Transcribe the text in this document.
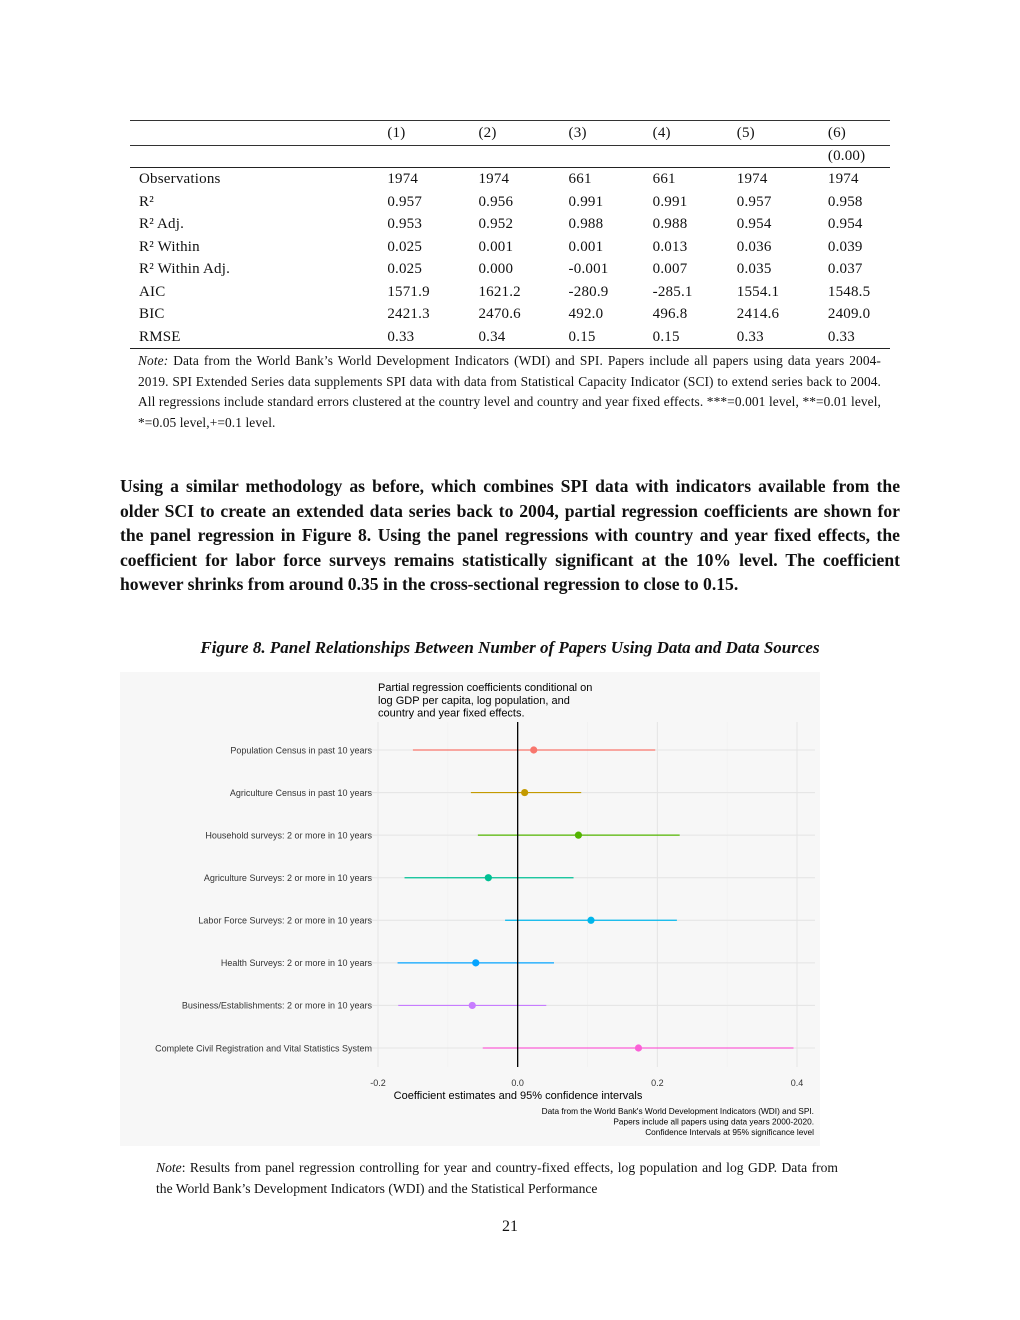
	(1)	(2)	(3)	(4)	(5)	(6)
						(0.00)
Observations	1974	1974	661	661	1974	1974
R²	0.957	0.956	0.991	0.991	0.957	0.958
R² Adj.	0.953	0.952	0.988	0.988	0.954	0.954
R² Within	0.025	0.001	0.001	0.013	0.036	0.039
R² Within Adj.	0.025	0.000	-0.001	0.007	0.035	0.037
AIC	1571.9	1621.2	-280.9	-285.1	1554.1	1548.5
BIC	2421.3	2470.6	492.0	496.8	2414.6	2409.0
RMSE	0.33	0.34	0.15	0.15	0.33	0.33
Note: Data from the World Bank’s World Development Indicators (WDI) and SPI. Papers include all papers using data years 2004-2019. SPI Extended Series data supplements SPI data with data from Statistical Capacity Indicator (SCI) to extend series back to 2004. All regressions include standard errors clustered at the country level and country and year fixed effects. ***=0.001 level, **=0.01 level, *=0.05 level,+=0.1 level.
Using a similar methodology as before, which combines SPI data with indicators available from the older SCI to create an extended data series back to 2004, partial regression coefficients are shown for the panel regression in Figure 8. Using the panel regressions with country and year fixed effects, the coefficient for labor force surveys remains statistically significant at the 10% level. The coefficient however shrinks from around 0.35 in the cross-sectional regression to close to 0.15.
Figure 8. Panel Relationships Between Number of Papers Using Data and Data Sources
Population Census in past 10 years
Agriculture Census in past 10 years
Household surveys: 2 or more in 10 years
Agriculture Surveys: 2 or more in 10 years
Labor Force Surveys: 2 or more in 10 years
Health Surveys: 2 or more in 10 years
Business/Establishments: 2 or more in 10 years
Complete Civil Registration and Vital Statistics System
-0.2	0.0	0.2	0.4
Partial regression coefficients conditional on
log GDP per capita, log population, and
country and year fixed effects.
Coefficient estimates and 95% confidence intervals
Data from the World Bank's World Development Indicators (WDI) and SPI.
Papers include all papers using data years 2000-2020.
Confidence Intervals at 95% significance level
Note: Results from panel regression controlling for year and country-fixed effects, log population and log GDP. Data from the World Bank’s Development Indicators (WDI) and the Statistical Performance
21
